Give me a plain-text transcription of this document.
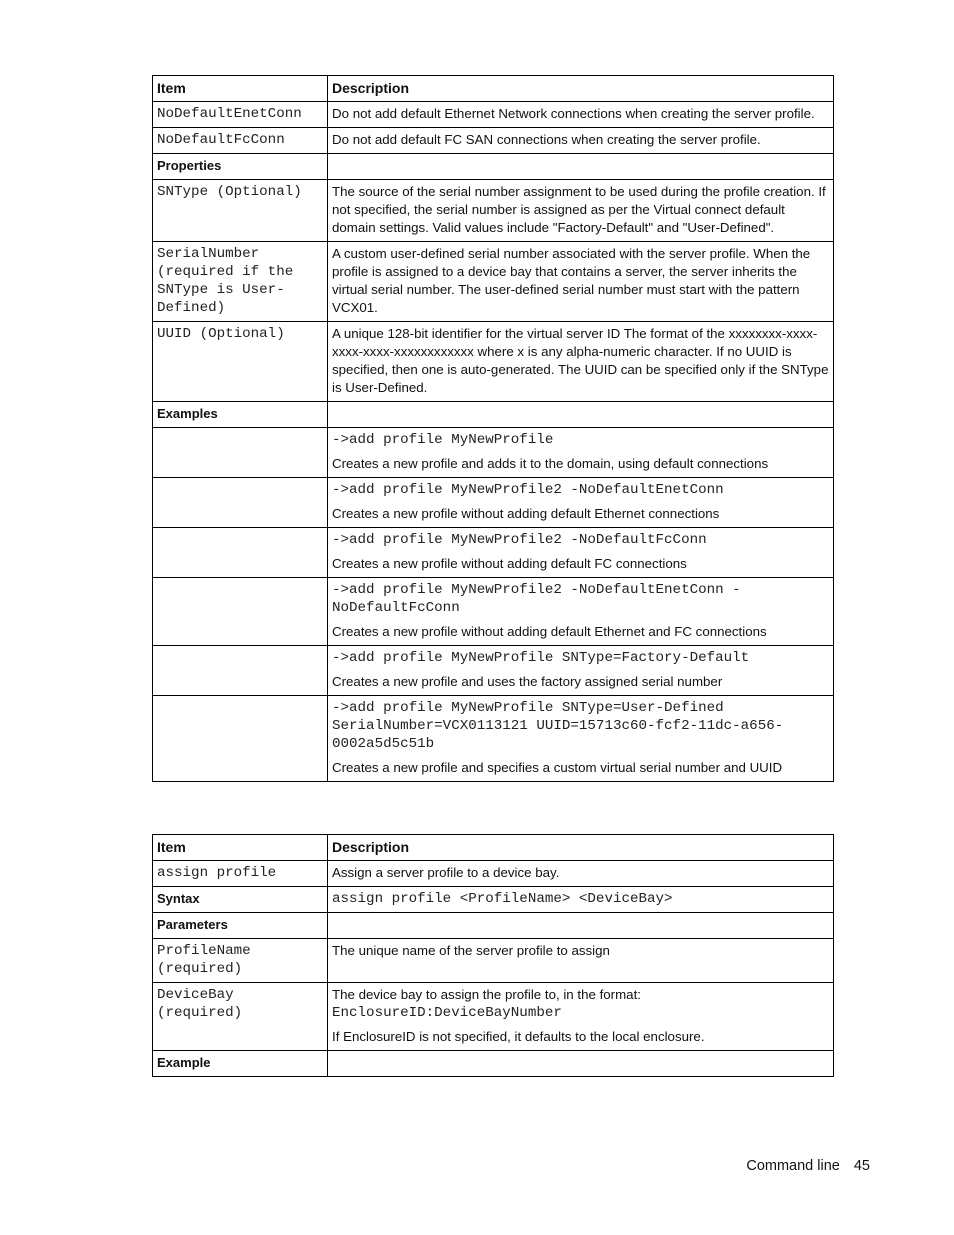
Item	Description
NoDefaultEnetConn	Do not add default Ethernet Network connections when creating the server profile.
NoDefaultFcConn	Do not add default FC SAN connections when creating the server profile.
Properties	
SNType (Optional)	The source of the serial number assignment to be used during the profile creation. If not specified, the serial number is assigned as per the Virtual connect default domain settings. Valid values include "Factory-Default" and "User-Defined".
SerialNumber (required if the SNType is User-Defined)	A custom user-defined serial number associated with the server profile. When the profile is assigned to a device bay that contains a server, the server inherits the virtual serial number. The user-defined serial number must start with the pattern VCX01.
UUID (Optional)	A unique 128-bit identifier for the virtual server ID The format of the xxxxxxxx-xxxx-xxxx-xxxx-xxxxxxxxxxxx where x is any alpha-numeric character. If no UUID is specified, then one is auto-generated. The UUID can be specified only if the SNType is User-Defined.
Examples	

	->add profile MyNewProfile
Creates a new profile and adds it to the domain, using default connections

	->add profile MyNewProfile2 -NoDefaultEnetConn
Creates a new profile without adding default Ethernet connections

	->add profile MyNewProfile2 -NoDefaultFcConn
Creates a new profile without adding default FC connections

	->add profile MyNewProfile2 -NoDefaultEnetConn -NoDefaultFcConn
Creates a new profile without adding default Ethernet and FC connections

	->add profile MyNewProfile SNType=Factory-Default
Creates a new profile and uses the factory assigned serial number

	->add profile MyNewProfile SNType=User-Defined SerialNumber=VCX0113121 UUID=15713c60-fcf2-11dc-a656-0002a5d5c51b
Creates a new profile and specifies a custom virtual serial number and UUID
Item	Description
assign profile	Assign a server profile to a device bay.
Syntax	assign profile <ProfileName> <DeviceBay>
Parameters	
ProfileName (required)	The unique name of the server profile to assign
DeviceBay (required)	The device bay to assign the profile to, in the format:
EnclosureID:DeviceBayNumber
If EnclosureID is not specified, it defaults to the local enclosure.

Example	
Command line 45
